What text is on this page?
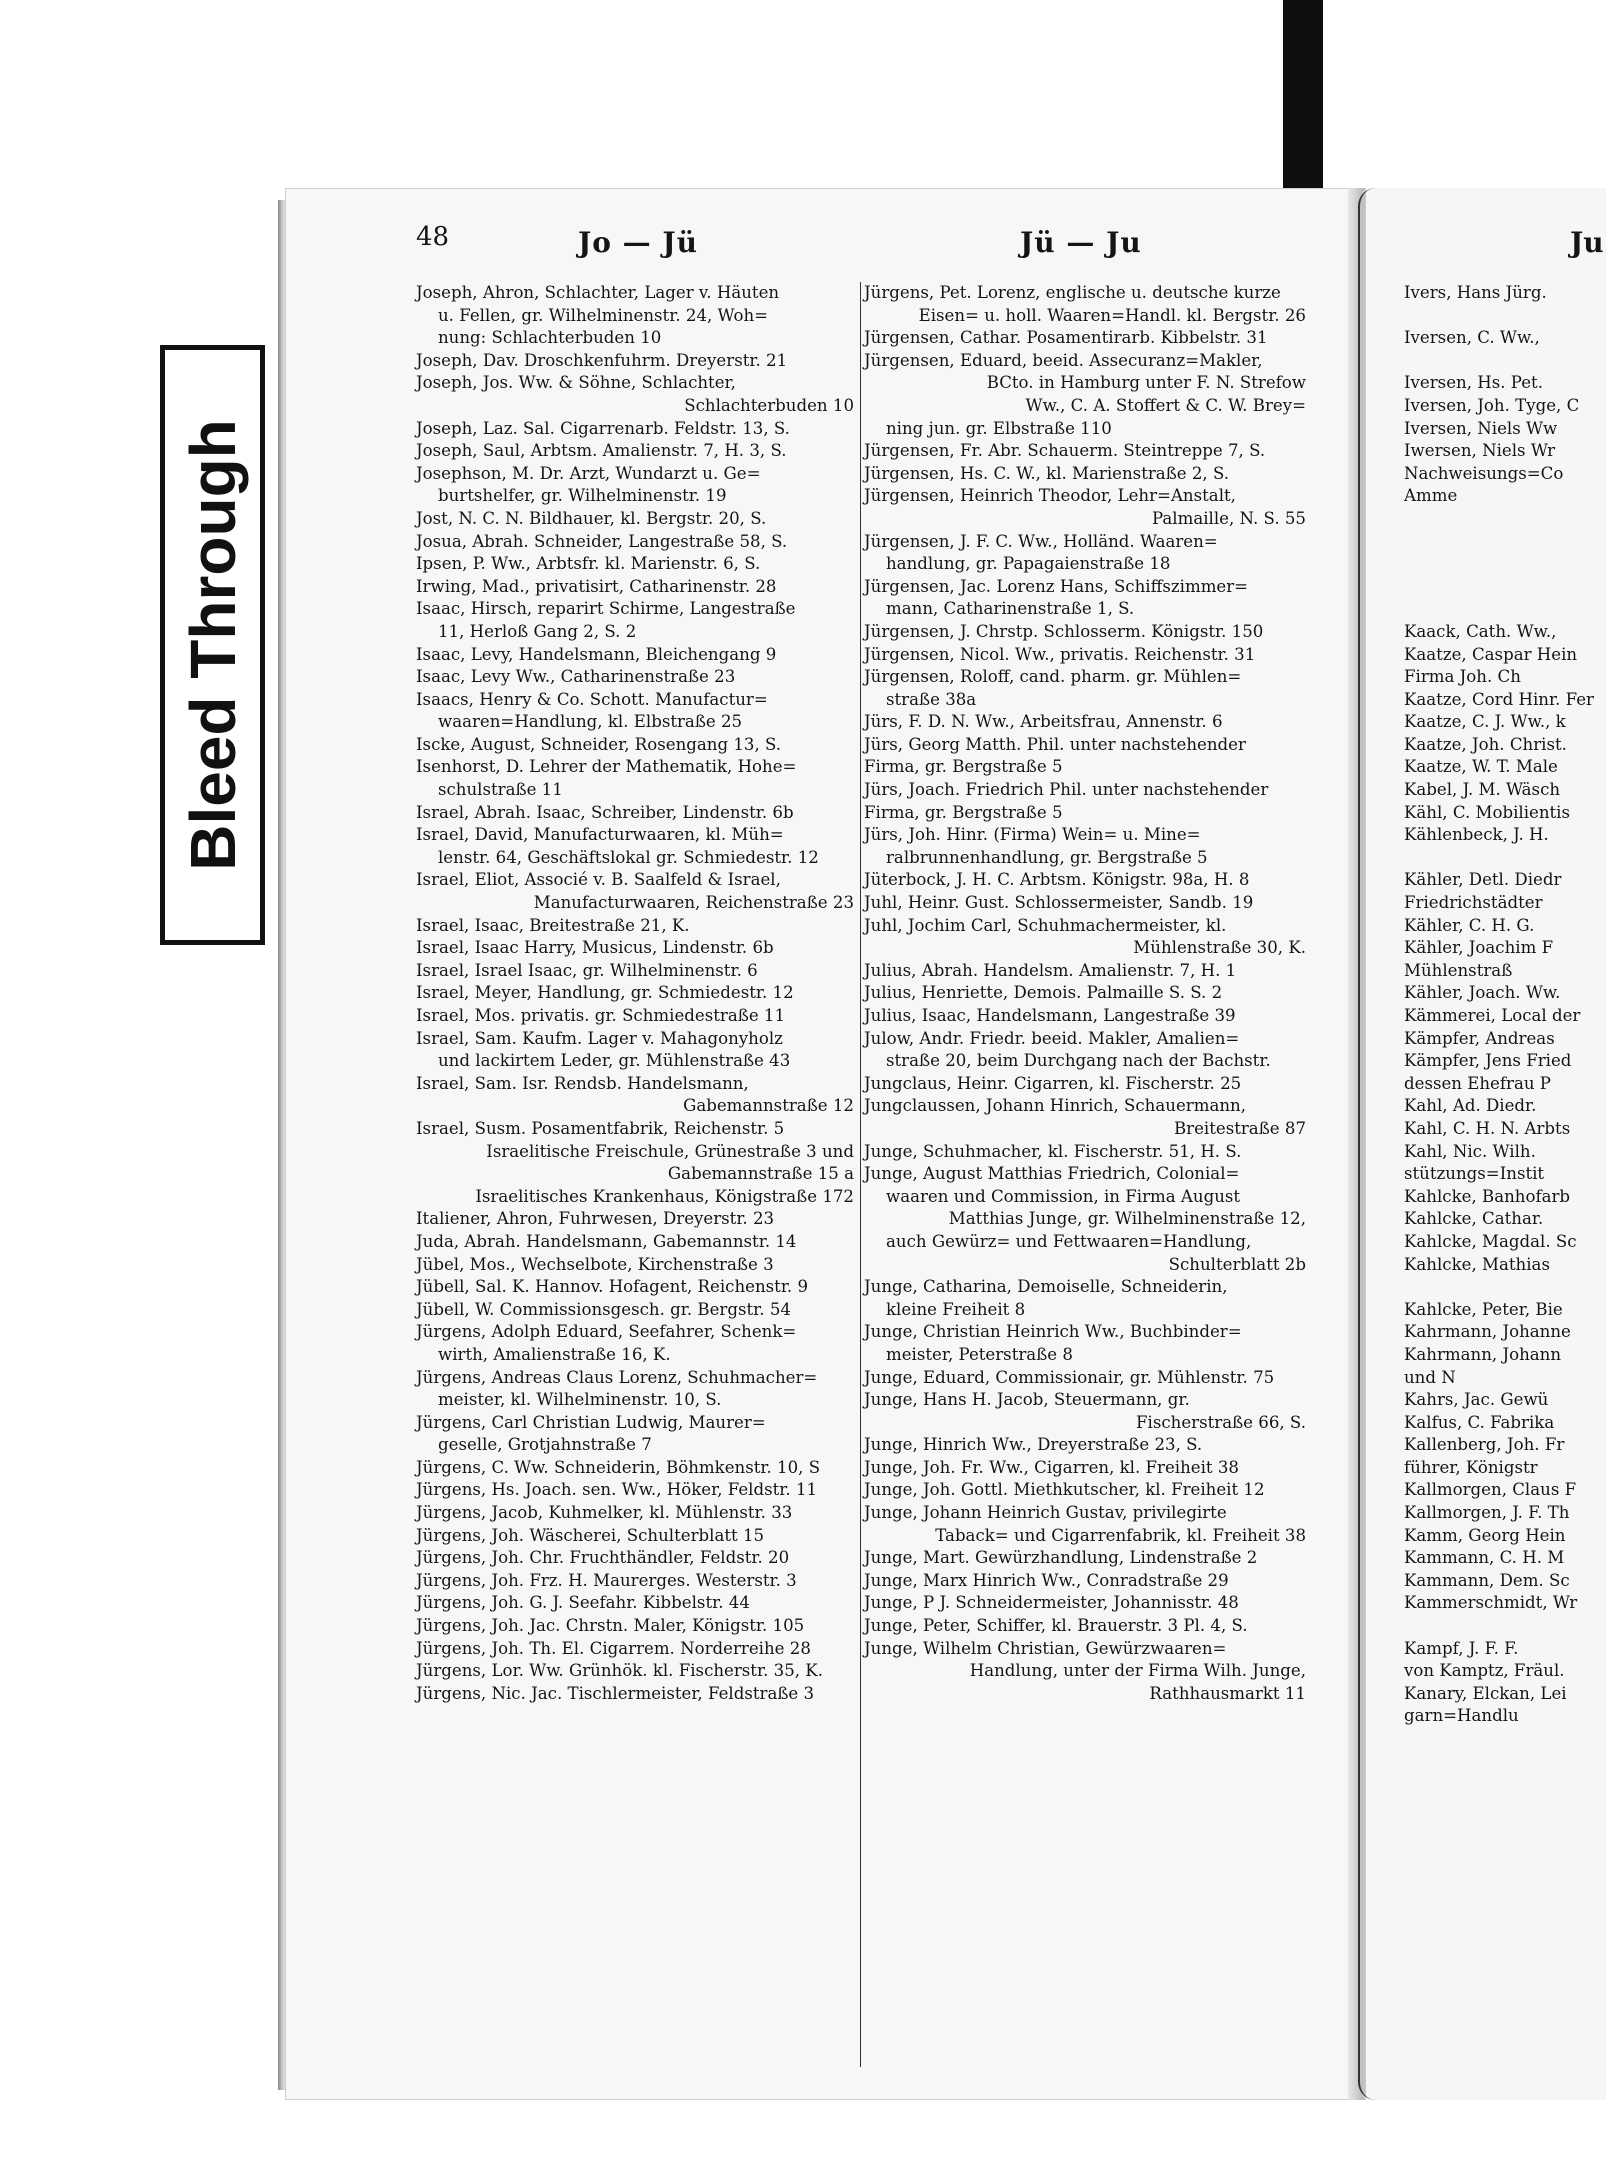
Bleed Through
48	Jo — Jü	Jü — Ju	Ju
Joseph, Ahron, Schlachter, Lager v. Häuten
u. Fellen, gr. Wilhelminenstr. 24, Woh=
nung: Schlachterbuden 10
Joseph, Dav. Droschkenfuhrm. Dreyerstr. 21
Joseph, Jos. Ww. & Söhne, Schlachter,
Schlachterbuden 10
Joseph, Laz. Sal. Cigarrenarb. Feldstr. 13, S.
Joseph, Saul, Arbtsm. Amalienstr. 7, H. 3, S.
Josephson, M. Dr. Arzt, Wundarzt u. Ge=
burtshelfer, gr. Wilhelminenstr. 19
Jost, N. C. N. Bildhauer, kl. Bergstr. 20, S.
Josua, Abrah. Schneider, Langestraße 58, S.
Ipsen, P. Ww., Arbtsfr. kl. Marienstr. 6, S.
Irwing, Mad., privatisirt, Catharinenstr. 28
Isaac, Hirsch, reparirt Schirme, Langestraße
11, Herloß Gang 2, S. 2
Isaac, Levy, Handelsmann, Bleichengang 9
Isaac, Levy Ww., Catharinenstraße 23
Isaacs, Henry & Co. Schott. Manufactur=
waaren=Handlung, kl. Elbstraße 25
Iscke, August, Schneider, Rosengang 13, S.
Isenhorst, D. Lehrer der Mathematik, Hohe=
schulstraße 11
Israel, Abrah. Isaac, Schreiber, Lindenstr. 6b
Israel, David, Manufacturwaaren, kl. Müh=
lenstr. 64, Geschäftslokal gr. Schmiedestr. 12
Israel, Eliot, Associé v. B. Saalfeld & Israel,
Manufacturwaaren, Reichenstraße 23
Israel, Isaac, Breitestraße 21, K.
Israel, Isaac Harry, Musicus, Lindenstr. 6b
Israel, Israel Isaac, gr. Wilhelminenstr. 6
Israel, Meyer, Handlung, gr. Schmiedestr. 12
Israel, Mos. privatis. gr. Schmiedestraße 11
Israel, Sam. Kaufm. Lager v. Mahagonyholz
und lackirtem Leder, gr. Mühlenstraße 43
Israel, Sam. Isr. Rendsb. Handelsmann,
Gabemannstraße 12
Israel, Susm. Posamentfabrik, Reichenstr. 5
Israelitische Freischule, Grünestraße 3 und
Gabemannstraße 15 a
Israelitisches Krankenhaus, Königstraße 172
Italiener, Ahron, Fuhrwesen, Dreyerstr. 23
Juda, Abrah. Handelsmann, Gabemannstr. 14
Jübel, Mos., Wechselbote, Kirchenstraße 3
Jübell, Sal. K. Hannov. Hofagent, Reichenstr. 9
Jübell, W. Commissionsgesch. gr. Bergstr. 54
Jürgens, Adolph Eduard, Seefahrer, Schenk=
wirth, Amalienstraße 16, K.
Jürgens, Andreas Claus Lorenz, Schuhmacher=
meister, kl. Wilhelminenstr. 10, S.
Jürgens, Carl Christian Ludwig, Maurer=
geselle, Grotjahnstraße 7
Jürgens, C. Ww. Schneiderin, Böhmkenstr. 10, S
Jürgens, Hs. Joach. sen. Ww., Höker, Feldstr. 11
Jürgens, Jacob, Kuhmelker, kl. Mühlenstr. 33
Jürgens, Joh. Wäscherei, Schulterblatt 15
Jürgens, Joh. Chr. Fruchthändler, Feldstr. 20
Jürgens, Joh. Frz. H. Maurerges. Westerstr. 3
Jürgens, Joh. G. J. Seefahr. Kibbelstr. 44
Jürgens, Joh. Jac. Chrstn. Maler, Königstr. 105
Jürgens, Joh. Th. El. Cigarrem. Norderreihe 28
Jürgens, Lor. Ww. Grünhök. kl. Fischerstr. 35, K.
Jürgens, Nic. Jac. Tischlermeister, Feldstraße 3
Jürgens, Pet. Lorenz, englische u. deutsche kurze
Eisen= u. holl. Waaren=Handl. kl. Bergstr. 26
Jürgensen, Cathar. Posamentirarb. Kibbelstr. 31
Jürgensen, Eduard, beeid. Assecuranz=Makler,
BCto. in Hamburg unter F. N. Strefow
Ww., C. A. Stoffert & C. W. Brey=
ning jun. gr. Elbstraße 110
Jürgensen, Fr. Abr. Schauerm. Steintreppe 7, S.
Jürgensen, Hs. C. W., kl. Marienstraße 2, S.
Jürgensen, Heinrich Theodor, Lehr=Anstalt,
Palmaille, N. S. 55
Jürgensen, J. F. C. Ww., Holländ. Waaren=
handlung, gr. Papagaienstraße 18
Jürgensen, Jac. Lorenz Hans, Schiffszimmer=
mann, Catharinenstraße 1, S.
Jürgensen, J. Chrstp. Schlosserm. Königstr. 150
Jürgensen, Nicol. Ww., privatis. Reichenstr. 31
Jürgensen, Roloff, cand. pharm. gr. Mühlen=
straße 38a
Jürs, F. D. N. Ww., Arbeitsfrau, Annenstr. 6
Jürs, Georg Matth. Phil. unter nachstehender
Firma, gr. Bergstraße 5
Jürs, Joach. Friedrich Phil. unter nachstehender
Firma, gr. Bergstraße 5
Jürs, Joh. Hinr. (Firma) Wein= u. Mine=
ralbrunnenhandlung, gr. Bergstraße 5
Jüterbock, J. H. C. Arbtsm. Königstr. 98a, H. 8
Juhl, Heinr. Gust. Schlossermeister, Sandb. 19
Juhl, Jochim Carl, Schuhmachermeister, kl.
Mühlenstraße 30, K.
Julius, Abrah. Handelsm. Amalienstr. 7, H. 1
Julius, Henriette, Demois. Palmaille S. S. 2
Julius, Isaac, Handelsmann, Langestraße 39
Julow, Andr. Friedr. beeid. Makler, Amalien=
straße 20, beim Durchgang nach der Bachstr.
Jungclaus, Heinr. Cigarren, kl. Fischerstr. 25
Jungclaussen, Johann Hinrich, Schauermann,
Breitestraße 87
Junge, Schuhmacher, kl. Fischerstr. 51, H. S.
Junge, August Matthias Friedrich, Colonial=
waaren und Commission, in Firma August
Matthias Junge, gr. Wilhelminenstraße 12,
auch Gewürz= und Fettwaaren=Handlung,
Schulterblatt 2b
Junge, Catharina, Demoiselle, Schneiderin,
kleine Freiheit 8
Junge, Christian Heinrich Ww., Buchbinder=
meister, Peterstraße 8
Junge, Eduard, Commissionair, gr. Mühlenstr. 75
Junge, Hans H. Jacob, Steuermann, gr.
Fischerstraße 66, S.
Junge, Hinrich Ww., Dreyerstraße 23, S.
Junge, Joh. Fr. Ww., Cigarren, kl. Freiheit 38
Junge, Joh. Gottl. Miethkutscher, kl. Freiheit 12
Junge, Johann Heinrich Gustav, privilegirte
Taback= und Cigarrenfabrik, kl. Freiheit 38
Junge, Mart. Gewürzhandlung, Lindenstraße 2
Junge, Marx Hinrich Ww., Conradstraße 29
Junge, P J. Schneidermeister, Johannisstr. 48
Junge, Peter, Schiffer, kl. Brauerstr. 3 Pl. 4, S.
Junge, Wilhelm Christian, Gewürzwaaren=
Handlung, unter der Firma Wilh. Junge,
Rathhausmarkt 11
Ivers, Hans Jürg.
Iversen, C. Ww.,
Iversen, Hs. Pet.
Iversen, Joh. Tyge, C
Iversen, Niels Ww
Iwersen, Niels Wr
Nachweisungs=Co
Amme
Kaack, Cath. Ww.,
Kaatze, Caspar Hein
Firma Joh. Ch
Kaatze, Cord Hinr. Fer
Kaatze, C. J. Ww., k
Kaatze, Joh. Christ.
Kaatze, W. T. Male
Kabel, J. M. Wäsch
Kähl, C. Mobilientis
Kählenbeck, J. H.
Kähler, Detl. Diedr
Friedrichstädter
Kähler, C. H. G.
Kähler, Joachim F
Mühlenstraß
Kähler, Joach. Ww.
Kämmerei, Local der
Kämpfer, Andreas
Kämpfer, Jens Fried
dessen Ehefrau P
Kahl, Ad. Diedr.
Kahl, C. H. N. Arbts
Kahl, Nic. Wilh.
stützungs=Instit
Kahlcke, Banhofarb
Kahlcke, Cathar.
Kahlcke, Magdal. Sc
Kahlcke, Mathias
Kahlcke, Peter, Bie
Kahrmann, Johanne
Kahrmann, Johann
und N
Kahrs, Jac. Gewü
Kalfus, C. Fabrika
Kallenberg, Joh. Fr
führer, Königstr
Kallmorgen, Claus F
Kallmorgen, J. F. Th
Kamm, Georg Hein
Kammann, C. H. M
Kammann, Dem. Sc
Kammerschmidt, Wr
Kampf, J. F. F.
von Kamptz, Fräul.
Kanary, Elckan, Lei
garn=Handlu
